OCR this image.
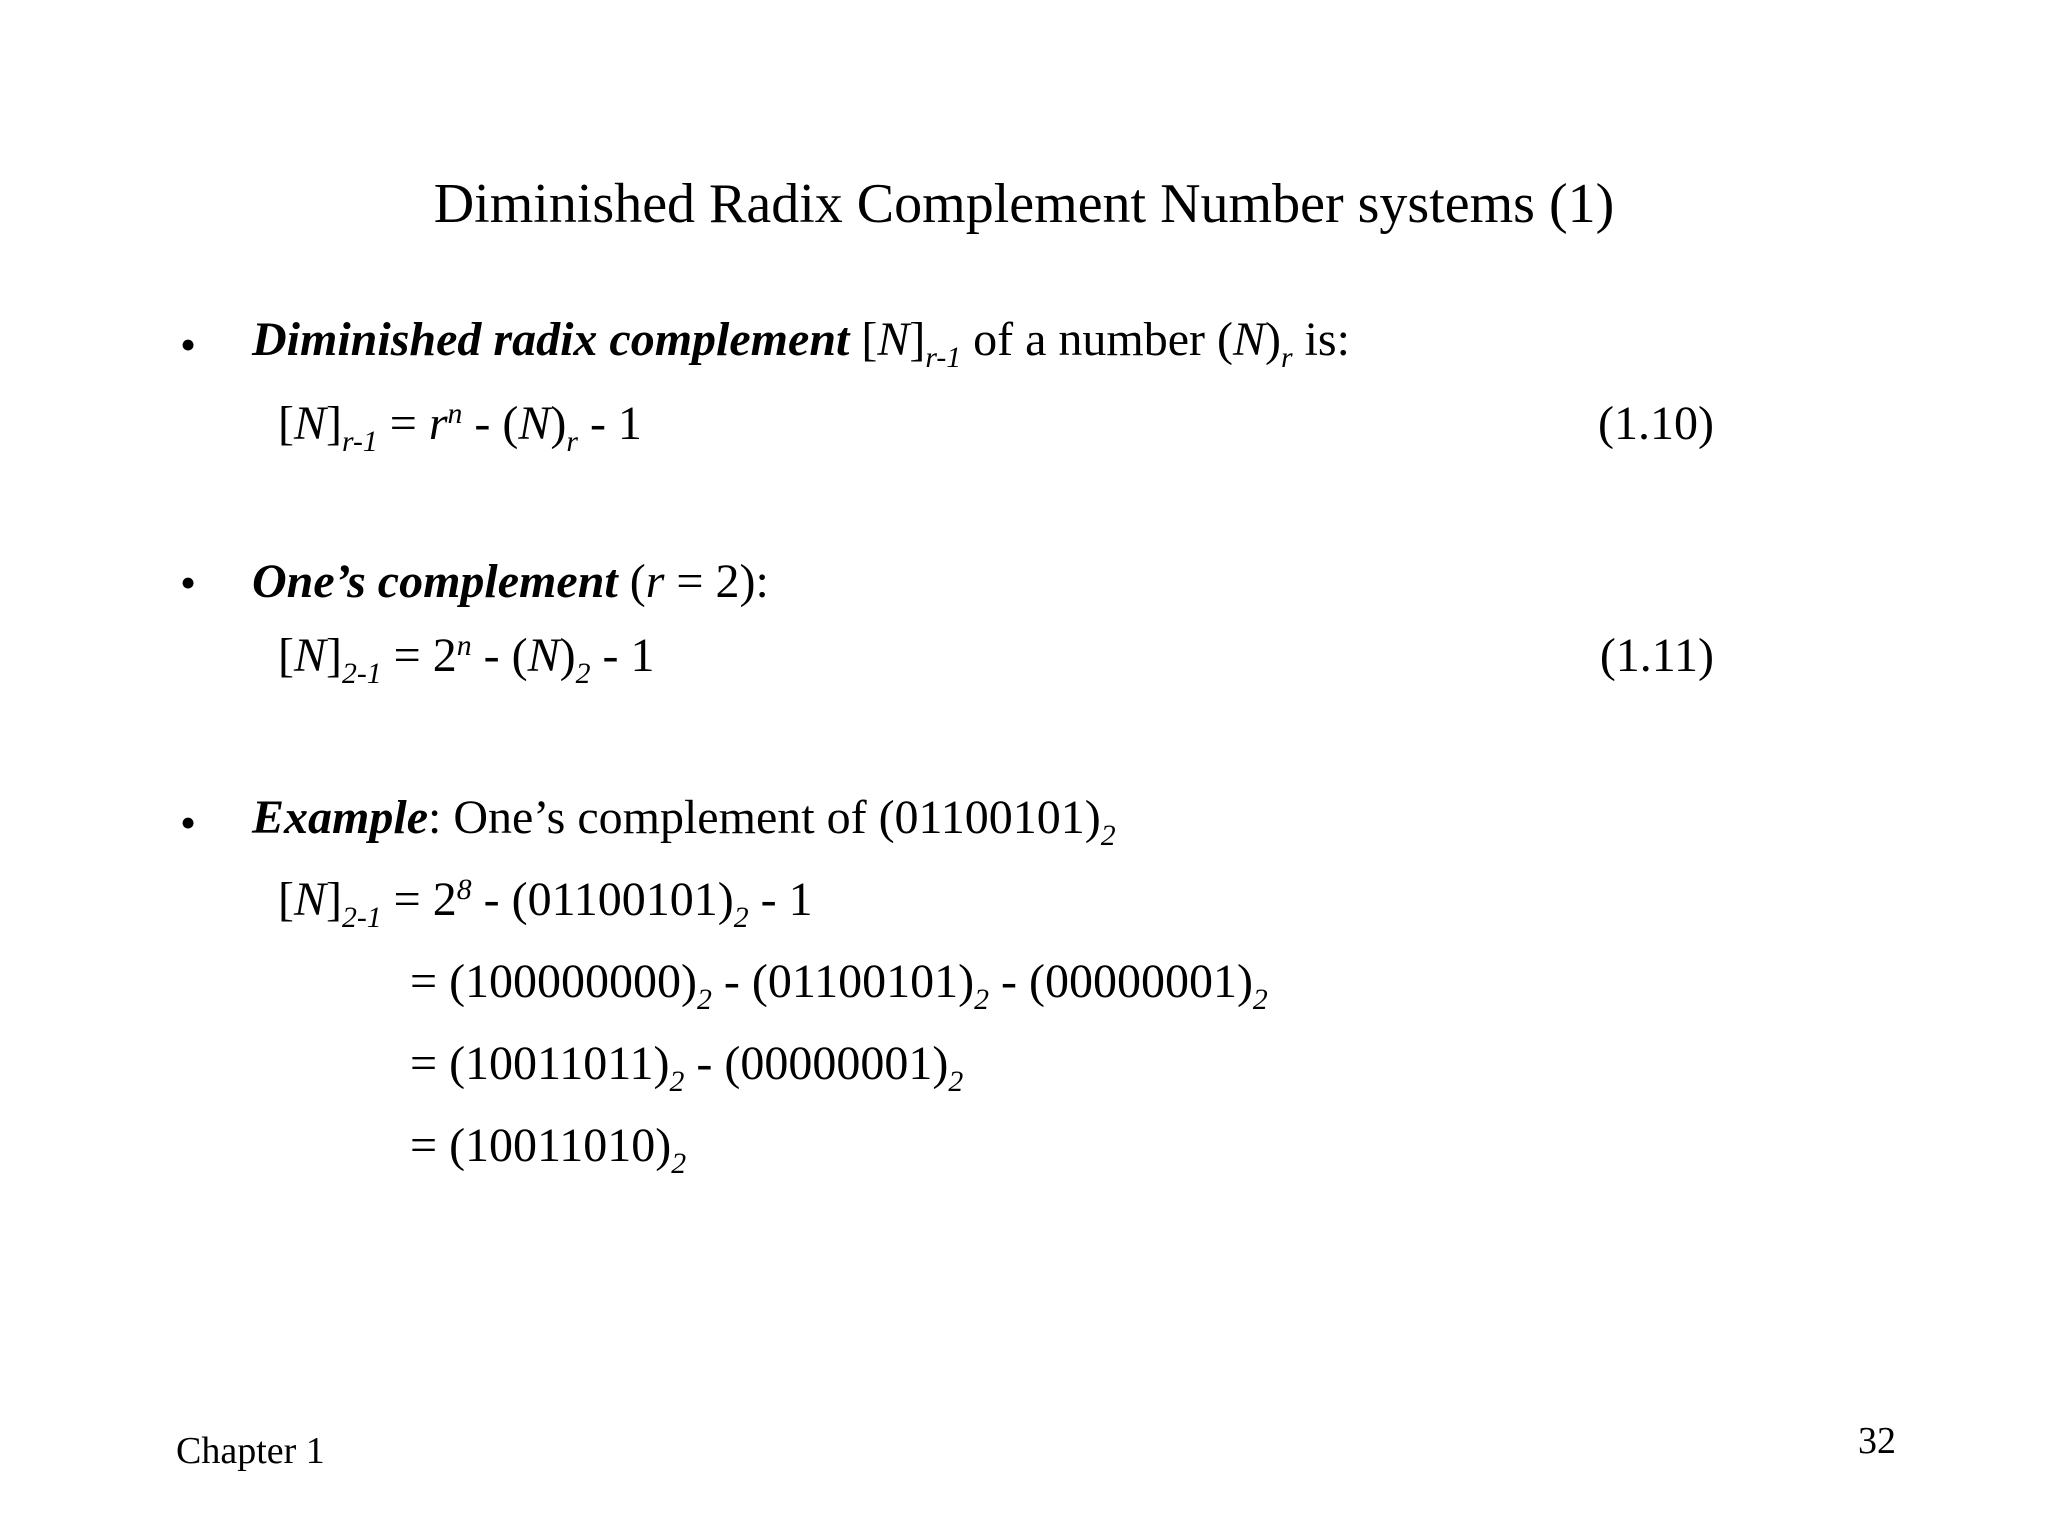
Diminished Radix Complement Number systems (1)
• Diminished radix complement $[N]_{r-1}$ of a number $(N)_r$ is:
$[N]_{r-1} = r^n - (N)_r - 1$	(1.10)
• One’s complement (r = 2):
$[N]_{2-1} = 2^n - (N)_2 - 1$	(1.11)
• Example: One’s complement of $(01100101)_2$
$[N]_{2-1} = 2^8 - (01100101)_2 - 1$
= $(100000000)_2 - (01100101)_2 - (00000001)_2$
= $(10011011)_2 - (00000001)_2$
= $(10011010)_2$
Chapter 1	32
